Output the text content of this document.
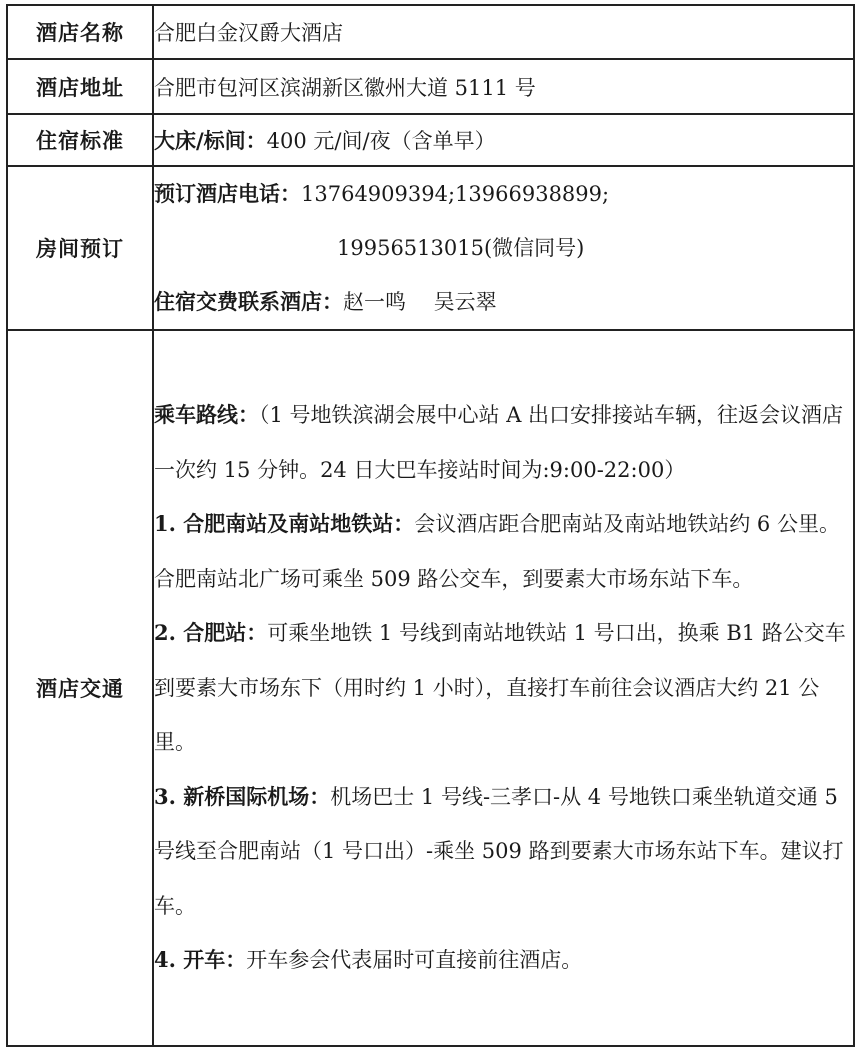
酒店名称	合肥白金汉爵大酒店
酒店地址	合肥市包河区滨湖新区徽州大道 5111 号
住宿标准	大床/标间：400 元/间/夜（含单早）
房间预订	预订酒店电话：13764909394;13966938899;
19956513015(微信同号)
住宿交费联系酒店：赵一鸣　 吴云翠

酒店交通	乘车路线：（1 号地铁滨湖会展中心站 A 出口安排接站车辆，往返会议酒店一次约 15 分钟。24 日大巴车接站时间为:9:00-22:00）

1. 合肥南站及南站地铁站：会议酒店距合肥南站及南站地铁站约 6 公里。合肥南站北广场可乘坐 509 路公交车，到要素大市场东站下车。

2. 合肥站：可乘坐地铁 1 号线到南站地铁站 1 号口出，换乘 B1 路公交车到要素大市场东下（用时约 1 小时），直接打车前往会议酒店大约 21 公里。

3. 新桥国际机场：机场巴士 1 号线-三孝口-从 4 号地铁口乘坐轨道交通 5 号线至合肥南站（1 号口出）-乘坐 509 路到要素大市场东站下车。建议打车。

4. 开车：开车参会代表届时可直接前往酒店。
